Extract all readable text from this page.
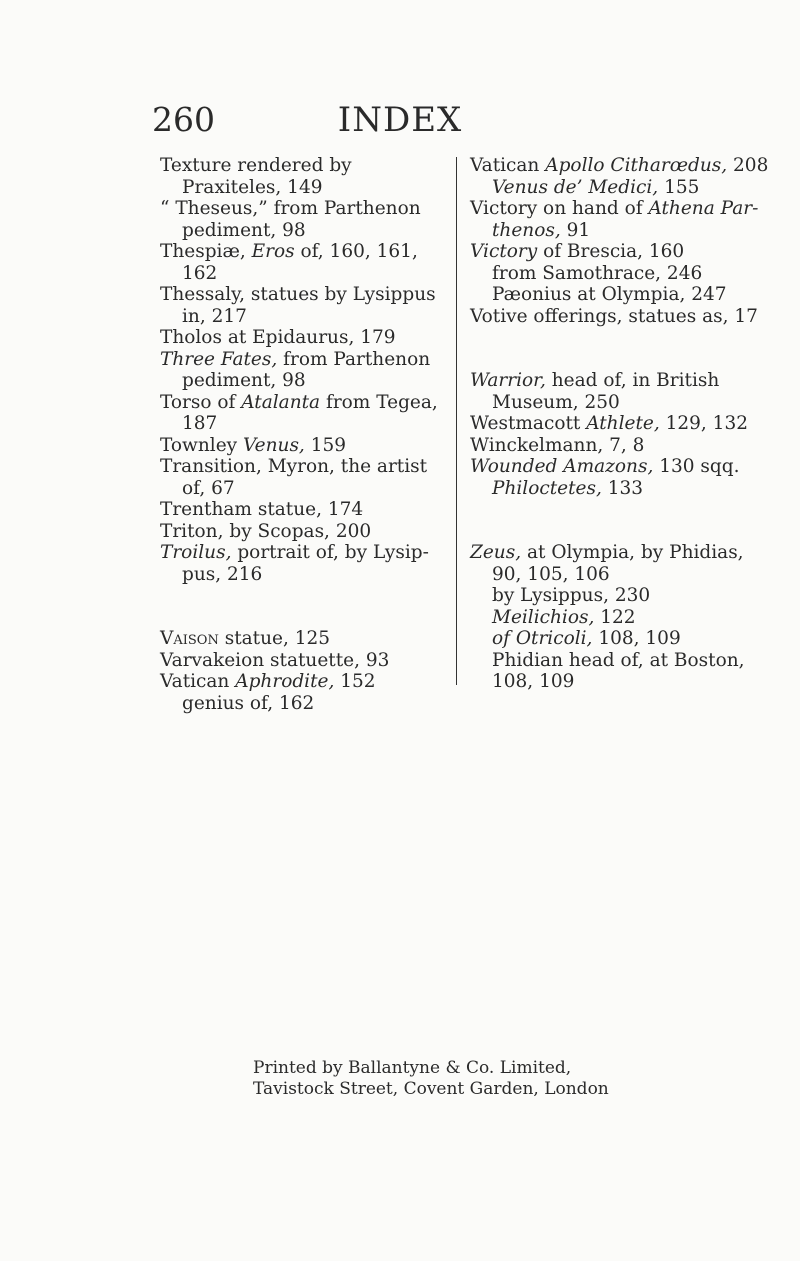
260	INDEX

Texture rendered by Praxiteles, 149

“ Theseus,” from Parthenon pediment, 98

Thespiæ, Eros of, 160, 161, 162

Thessaly, statues by Lysippus in, 217

Tholos at Epidaurus, 179

Three Fates, from Parthenon pediment, 98

Torso of Atalanta from Tegea, 187

Townley Venus, 159

Transition, Myron, the artist of, 67

Trentham statue, 174

Triton, by Scopas, 200

Troilus, portrait of, by Lysip- pus, 216

Vaison statue, 125

Varvakeion statuette, 93

Vatican Aphrodite, 152

genius of, 162

Vatican Apollo Citharœdus, 208

Venus de’ Medici, 155

Victory on hand of Athena Par- thenos, 91

Victory of Brescia, 160

from Samothrace, 246

Pæonius at Olympia, 247

Votive offerings, statues as, 17

Warrior, head of, in British Museum, 250

Westmacott Athlete, 129, 132

Winckelmann, 7, 8

Wounded Amazons, 130 sqq.

Philoctetes, 133

Zeus, at Olympia, by Phidias, 90, 105, 106

by Lysippus, 230

Meilichios, 122

of Otricoli, 108, 109

Phidian head of, at Boston, 108, 109

Printed by Ballantyne & Co. Limited,
Tavistock Street, Covent Garden, London
